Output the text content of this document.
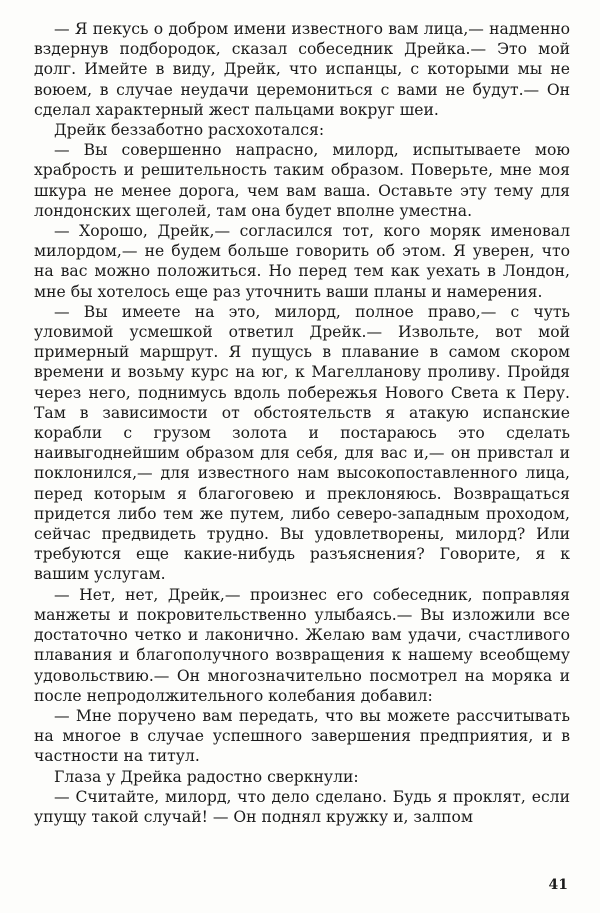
— Я пекусь о добром имени известного вам лица,— надменно вздернув подбородок, сказал собеседник Дрейка.— Это мой долг. Имейте в виду, Дрейк, что испанцы, с которыми мы не воюем, в случае неудачи церемониться с вами не будут.— Он сделал характерный жест пальцами вокруг шеи.

Дрейк беззаботно расхохотался:

— Вы совершенно напрасно, милорд, испытываете мою храбрость и решительность таким образом. Поверьте, мне моя шкура не менее дорога, чем вам ваша. Оставьте эту тему для лондонских щеголей, там она будет вполне уместна.

— Хорошо, Дрейк,— согласился тот, кого моряк именовал милордом,— не будем больше говорить об этом. Я уверен, что на вас можно положиться. Но перед тем как уехать в Лондон, мне бы хотелось еще раз уточнить ваши планы и намерения.

— Вы имеете на это, милорд, полное право,— с чуть уловимой усмешкой ответил Дрейк.— Извольте, вот мой примерный маршрут. Я пущусь в плавание в самом скором времени и возьму курс на юг, к Магелланову проливу. Пройдя через него, поднимусь вдоль побережья Нового Света к Перу. Там в зависимости от обстоятельств я атакую испанские корабли с грузом золота и постараюсь это сделать наивыгоднейшим образом для себя, для вас и,— он привстал и поклонился,— для известного нам высокопоставленного лица, перед которым я благоговею и преклоняюсь. Возвращаться придется либо тем же путем, либо северо-западным проходом, сейчас предвидеть трудно. Вы удовлетворены, милорд? Или требуются еще какие-нибудь разъяснения? Говорите, я к вашим услугам.

— Нет, нет, Дрейк,— произнес его собеседник, поправляя манжеты и покровительственно улыбаясь.— Вы изложили все достаточно четко и лаконично. Желаю вам удачи, счастливого плавания и благополучного возвращения к нашему всеобщему удовольствию.— Он многозначительно посмотрел на моряка и после непродолжительного колебания добавил:

— Мне поручено вам передать, что вы можете рассчитывать на многое в случае успешного завершения предприятия, и в частности на титул.

Глаза у Дрейка радостно сверкнули:

— Считайте, милорд, что дело сделано. Будь я проклят, если упущу такой случай! — Он поднял кружку и, залпом

41
